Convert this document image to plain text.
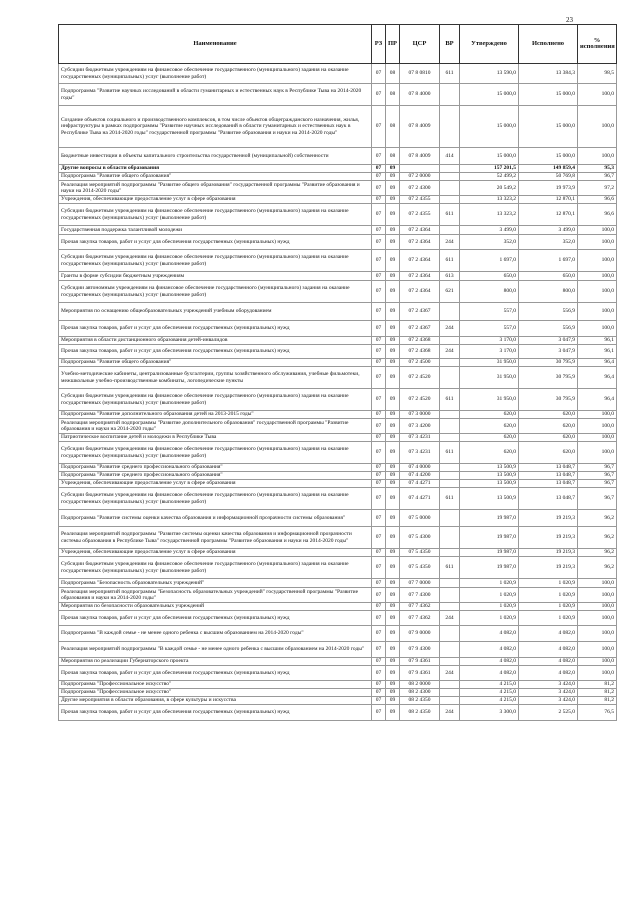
23
Наименование	РЗ	ПР	ЦСР	ВР	Утверждено	Исполнено	% исполнения
Субсидии бюджетным учреждениям на финансовое обеспечение государственного (муниципального) задания на оказание государственных (муниципальных) услуг (выполнение работ)	07	08	07 8 0810	611	13 590,0	13 384,3	98,5
Подпрограмма "Развитие научных исследований в области гуманитарных и естественных наук в Республике Тыва на 2014-2020 годы"	07	08	07 8 4000		15 000,0	15 000,0	100,0
Создание объектов социального и производственного комплексов, в том числе объектов общегражданского назначения, жилья, инфраструктуры в рамках подпрограммы "Развитие научных исследований в области гуманитарных и естественных наук в Республике Тыва на 2014-2020 годы" государственной программы "Развитие образования и науки на 2014-2020 годы"	07	08	07 8 4009		15 000,0	15 000,0	100,0
Бюджетные инвестиции в объекты капитального строительства государственной (муниципальной) собственности	07	08	07 8 4009	414	15 000,0	15 000,0	100,0
Другие вопросы в области образования	07	09			157 201,5	149 859,4	95,3
Подпрограмма "Развитие общего образования"	07	09	07 2 0000		52 499,2	50 769,8	96,7
Реализация мероприятий подпрограммы "Развитие общего образования" государственной программы "Развитие образования и науки на 2014-2020 годы"	07	09	07 2 4300		20 549,2	19 973,9	97,2
Учреждения, обеспечивающие предоставление услуг в сфере образования	07	09	07 2 4355		13 323,2	12 870,1	96,6
Субсидии бюджетным учреждениям на финансовое обеспечение государственного (муниципального) задания на оказание государственных (муниципальных) услуг (выполнение работ)	07	09	07 2 4355	611	13 323,2	12 870,1	96,6
Государственная поддержка талантливой молодежи	07	09	07 2 4364		3 499,0	3 499,0	100,0
Прочая закупка товаров, работ и услуг для обеспечения государственных (муниципальных) нужд	07	09	07 2 4364	244	352,0	352,0	100,0
Субсидии бюджетным учреждениям на финансовое обеспечение государственного (муниципального) задания на оказание государственных (муниципальных) услуг (выполнение работ)	07	09	07 2 4364	611	1 697,0	1 697,0	100,0
Гранты в форме субсидии бюджетным учреждениям	07	09	07 2 4364	613	650,0	650,0	100,0
Субсидии автономным учреждениям на финансовое обеспечение государственного (муниципального) задания на оказание государственных (муниципальных) услуг (выполнение работ)	07	09	07 2 4364	621	800,0	800,0	100,0
Мероприятия по оснащению общеобразовательных учреждений учебным оборудованием	07	09	07 2 4367		557,0	556,9	100,0
Прочая закупка товаров, работ и услуг для обеспечения государственных (муниципальных) нужд	07	09	07 2 4367	244	557,0	556,9	100,0
Мероприятия в области дистанционного образования детей-инвалидов	07	09	07 2 4368		3 170,0	3 047,9	96,1
Прочая закупка товаров, работ и услуг для обеспечения государственных (муниципальных) нужд	07	09	07 2 4368	244	3 170,0	3 047,9	96,1
Подпрограмма "Развитие общего образования"	07	09	07 2 4500		31 950,0	30 795,9	96,4
Учебно-методические кабинеты, централизованные бухгалтерии, группы хозяйственного обслуживания, учебные фильмотеки, межшкольные учебно-производственные комбинаты, логопедические пункты	07	09	07 2 4520		31 950,0	30 795,9	96,4
Субсидии бюджетным учреждениям на финансовое обеспечение государственного (муниципального) задания на оказание государственных (муниципальных) услуг (выполнение работ)	07	09	07 2 4520	611	31 950,0	30 795,9	96,4
Подпрограмма "Развитие дополнительного образования детей на 2013-2015 годы"	07	09	07 3 0000		620,0	620,0	100,0
Реализация мероприятий подпрограммы "Развитие дополнительного образования" государственной программы "Развитие образования и науки на 2014-2020 годы"	07	09	07 3 4200		620,0	620,0	100,0
Патриотическое воспитание детей и молодежи в Республике Тыва	07	09	07 3 4231		620,0	620,0	100,0
Субсидии бюджетным учреждениям на финансовое обеспечение государственного (муниципального) задания на оказание государственных (муниципальных) услуг (выполнение работ)	07	09	07 3 4231	611	620,0	620,0	100,0
Подпрограмма "Развитие среднего профессионального образования"	07	09	07 4 0000		13 500,9	13 048,7	96,7
Подпрограмма "Развитие среднего профессионального образования"	07	09	07 4 4200		13 500,9	13 048,7	96,7
Учреждения, обеспечивающие предоставление услуг в сфере образования	07	09	07 4 4271		13 500,9	13 048,7	96,7
Субсидии бюджетным учреждениям на финансовое обеспечение государственного (муниципального) задания на оказание государственных (муниципальных) услуг (выполнение работ)	07	09	07 4 4271	611	13 500,9	13 048,7	96,7
Подпрограмма "Развитие системы оценки качества образования и информационной прозрачности системы образования"	07	09	07 5 0000		19 987,0	19 219,3	96,2
Реализация мероприятий подпрограммы "Развитие системы оценки качества образования и информационной прозрачности системы образования в Республике Тыва" государственной программы "Развитие образования и науки на 2014-2020 годы"	07	09	07 5 4300		19 987,0	19 219,3	96,2
Учреждения, обеспечивающие предоставление услуг в сфере образования	07	09	07 5 4350		19 987,0	19 219,3	96,2
Субсидии бюджетным учреждениям на финансовое обеспечение государственного (муниципального) задания на оказание государственных (муниципальных) услуг (выполнение работ)	07	09	07 5 4350	611	19 987,0	19 219,3	96,2
Подпрограмма "Безопасность образовательных учреждений"	07	09	07 7 0000		1 020,9	1 020,9	100,0
Реализация мероприятий подпрограммы "Безопасность образовательных учреждений" государственной программы "Развитие образования и науки на 2014-2020 годы"	07	09	07 7 4300		1 020,9	1 020,9	100,0
Мероприятия по безопасности образовательных учреждений	07	09	07 7 4362		1 020,9	1 020,9	100,0
Прочая закупка товаров, работ и услуг для обеспечения государственных (муниципальных) нужд	07	09	07 7 4362	244	1 020,9	1 020,9	100,0
Подпрограмма "В каждой семье - не менее одного ребенка с высшим образованием на 2014-2020 годы"	07	09	07 9 0000		4 082,0	4 082,0	100,0
Реализация мероприятий подпрограммы "В каждой семье - не менее одного ребенка с высшим образованием на 2014-2020 годы"	07	09	07 9 4300		4 082,0	4 082,0	100,0
Мероприятия по реализации Губернаторского проекта	07	09	07 9 4361		4 082,0	4 082,0	100,0
Прочая закупка товаров, работ и услуг для обеспечения государственных (муниципальных) нужд	07	09	07 9 4361	244	4 082,0	4 082,0	100,0
Подпрограмма "Профессиональное искусство"	07	09	08 2 0000		4 215,0	3 424,0	81,2
Подпрограмма "Профессиональное искусство"	07	09	08 2 4300		4 215,0	3 424,0	81,2
Другие мероприятия в области образования, в сфере культуры и искусства	07	09	08 2 4350		4 215,0	3 424,0	81,2
Прочая закупка товаров, работ и услуг для обеспечения государственных (муниципальных) нужд	07	09	08 2 4350	244	3 300,0	2 525,0	76,5
